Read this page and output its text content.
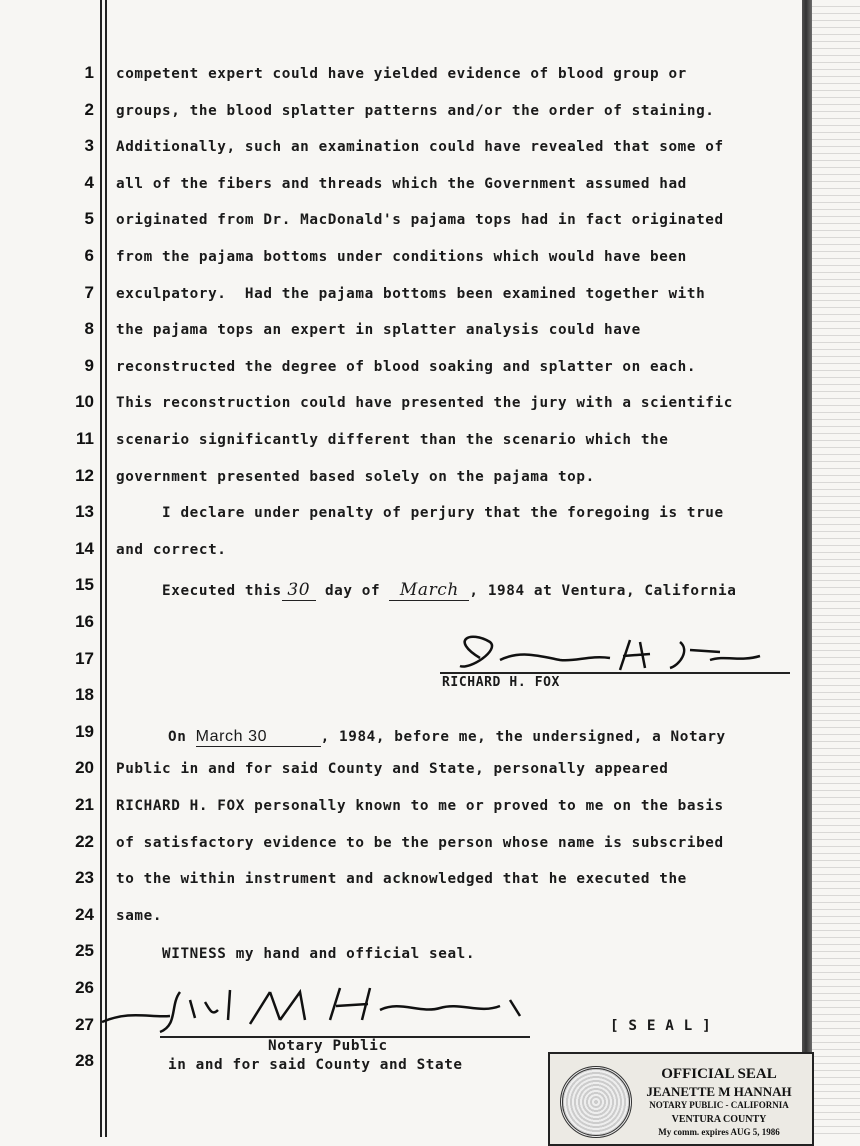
1
2
3
4
5
6
7
8
9
10
11
12
13
14
15
16
17
18
19
20
21
22
23
24
25
26
27
28
competent expert could have yielded evidence of blood group or
groups, the blood splatter patterns and/or the order of staining.
Additionally, such an examination could have revealed that some of
all of the fibers and threads which the Government assumed had
originated from Dr. MacDonald's pajama tops had in fact originated
from the pajama bottoms under conditions which would have been
exculpatory.  Had the pajama bottoms been examined together with
the pajama tops an expert in splatter analysis could have
reconstructed the degree of blood soaking and splatter on each.
This reconstruction could have presented the jury with a scientific
scenario significantly different than the scenario which the
government presented based solely on the pajama top.
I declare under penalty of perjury that the foregoing is true
and correct.
Executed this 30 day of March , 1984 at Ventura, California
RICHARD H. FOX
On March 30	, 1984, before me, the undersigned, a Notary
Public in and for said County and State, personally appeared
RICHARD H. FOX personally known to me or proved to me on the basis
of satisfactory evidence to be the person whose name is subscribed
to the within instrument and acknowledged that he executed the
same.
WITNESS my hand and official seal.
[ S E A L ]
Notary Public
in and for said County and State
OFFICIAL SEAL
JEANETTE M HANNAH
NOTARY PUBLIC - CALIFORNIA
VENTURA COUNTY
My comm. expires AUG 5, 1986
